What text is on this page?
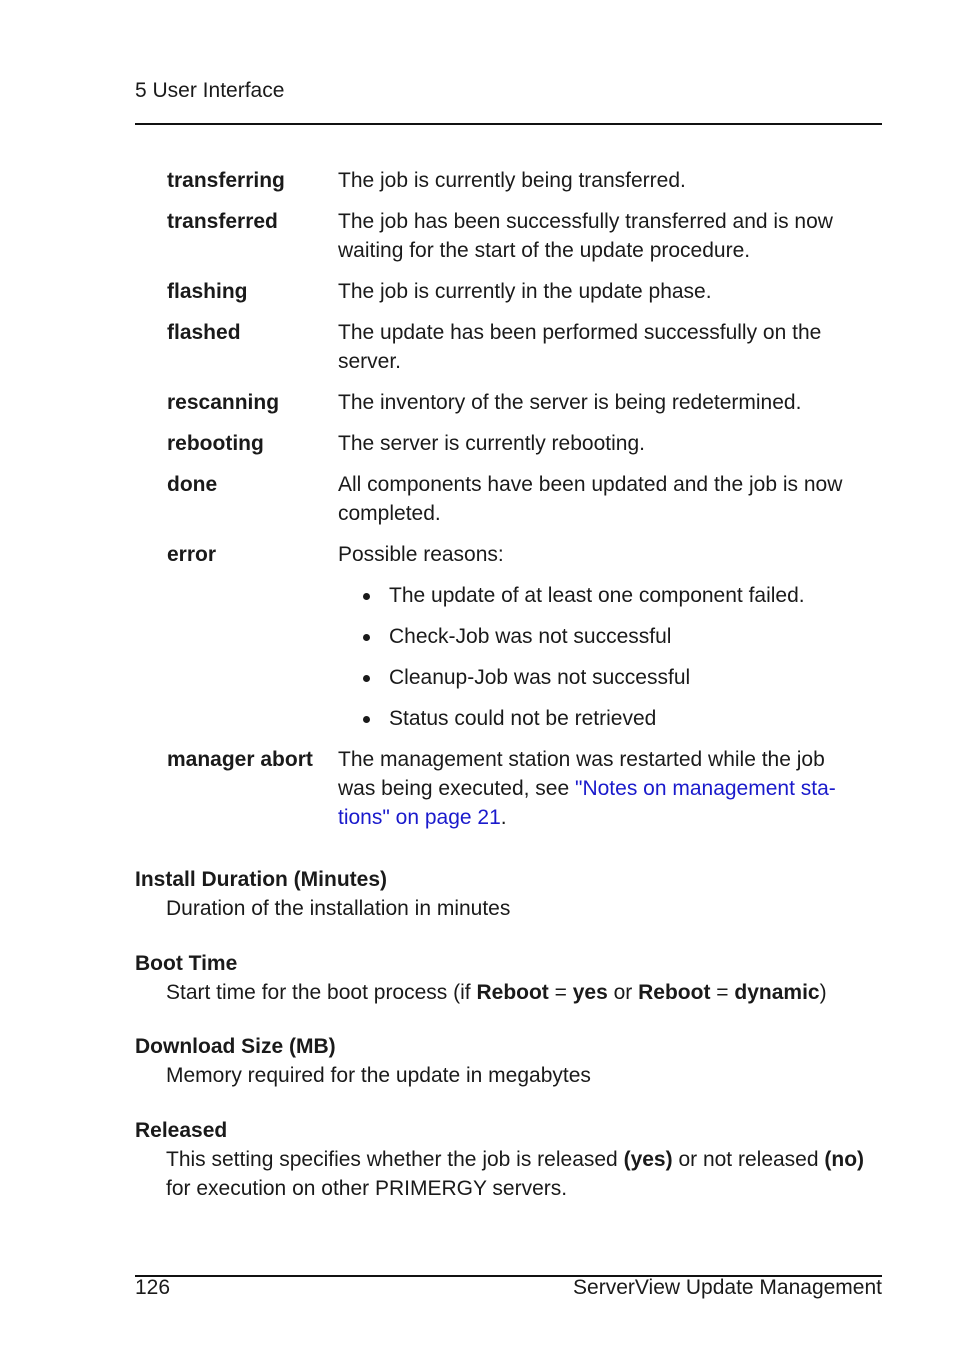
5 User Interface
transferring	The job is currently being transferred.
transferred	The job has been successfully transferred and is now waiting for the start of the update procedure.
flashing	The job is currently in the update phase.
flashed	The update has been performed successfully on the server.
rescanning	The inventory of the server is being redetermined.
rebooting	The server is currently rebooting.
done	All components have been updated and the job is now completed.
error	Possible reasons:
The update of at least one component failed.
Check-Job was not successful
Cleanup-Job was not successful
Status could not be retrieved
manager abort	The management station was restarted while the job was being executed, see "Notes on management sta-tions" on page 21.
Install Duration (Minutes)
Duration of the installation in minutes
Boot Time
Start time for the boot process (if Reboot = yes or Reboot = dynamic)
Download Size (MB)
Memory required for the update in megabytes
Released
This setting specifies whether the job is released (yes) or not released (no) for execution on other PRIMERGY servers.
126	ServerView Update Management
